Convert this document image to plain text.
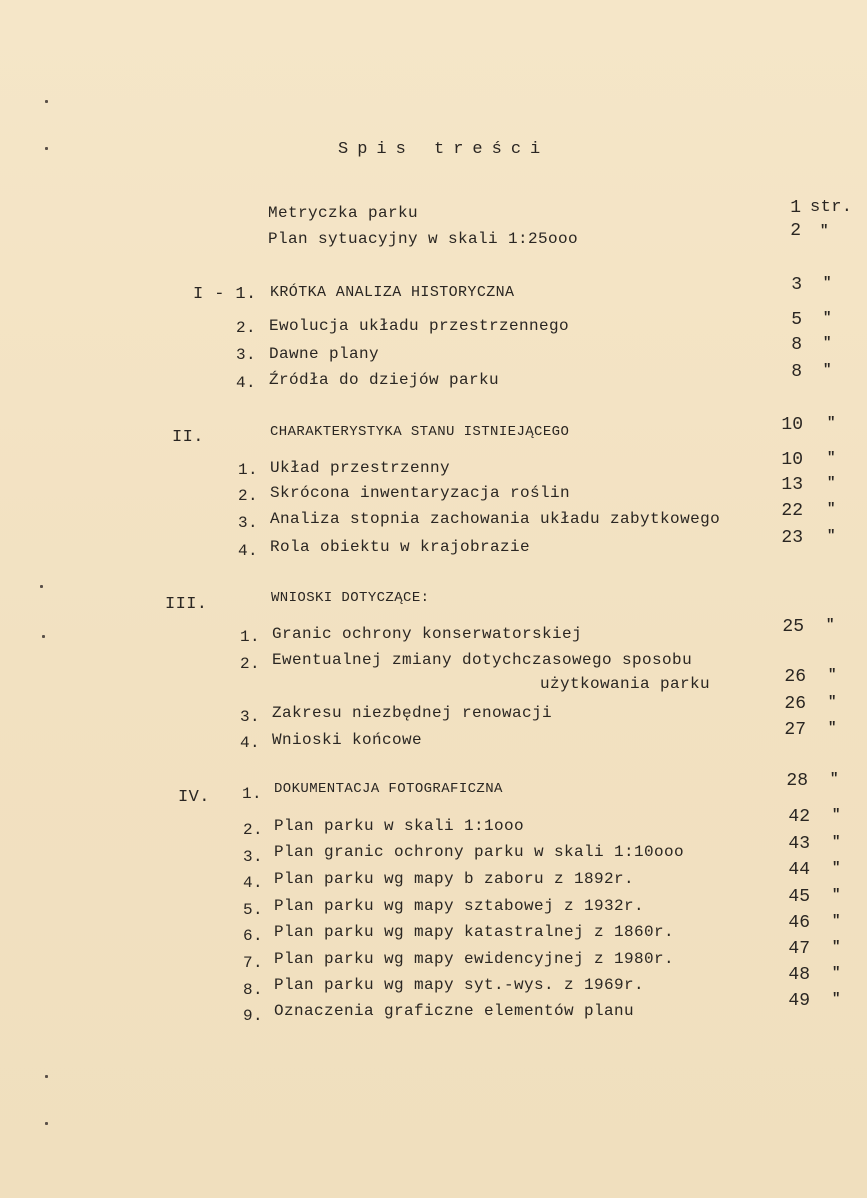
Spis treści
Metryczka parku	1 str.
Plan sytuacyjny w skali 1:25ooo	2 "
I - 1. KRÓTKA ANALIZA HISTORYCZNA	3 "
2. Ewolucja układu przestrzennego	5 "
3. Dawne plany	8 "
4. Źródła do dziejów parku	8 "
II.	CHARAKTERYSTYKA STANU ISTNIEJĄCEGO	10 "
1. Układ przestrzenny	10 "
2. Skrócona inwentaryzacja roślin	13 "
3. Analiza stopnia zachowania układu zabytkowego	22 "
4. Rola obiektu w krajobrazie	23 "
III.	WNIOSKI DOTYCZĄCE:
1. Granic ochrony konserwatorskiej	25 "
2. Ewentualnej zmiany dotychczasowego sposobu
użytkowania parku	26 "
3. Zakresu niezbędnej renowacji	26 "
4. Wnioski końcowe	27 "
IV. 1. DOKUMENTACJA FOTOGRAFICZNA	28 "
2. Plan parku w skali 1:1ooo	42 "
3. Plan granic ochrony parku w skali 1:10ooo	43 "
4. Plan parku wg mapy b zaboru z 1892r.	44 "
5. Plan parku wg mapy sztabowej z 1932r.	45 "
6. Plan parku wg mapy katastralnej z 1860r.	46 "
7. Plan parku wg mapy ewidencyjnej z 1980r.	47 "
8. Plan parku wg mapy syt.-wys. z 1969r.	48 "
9. Oznaczenia graficzne elementów planu	49 "
